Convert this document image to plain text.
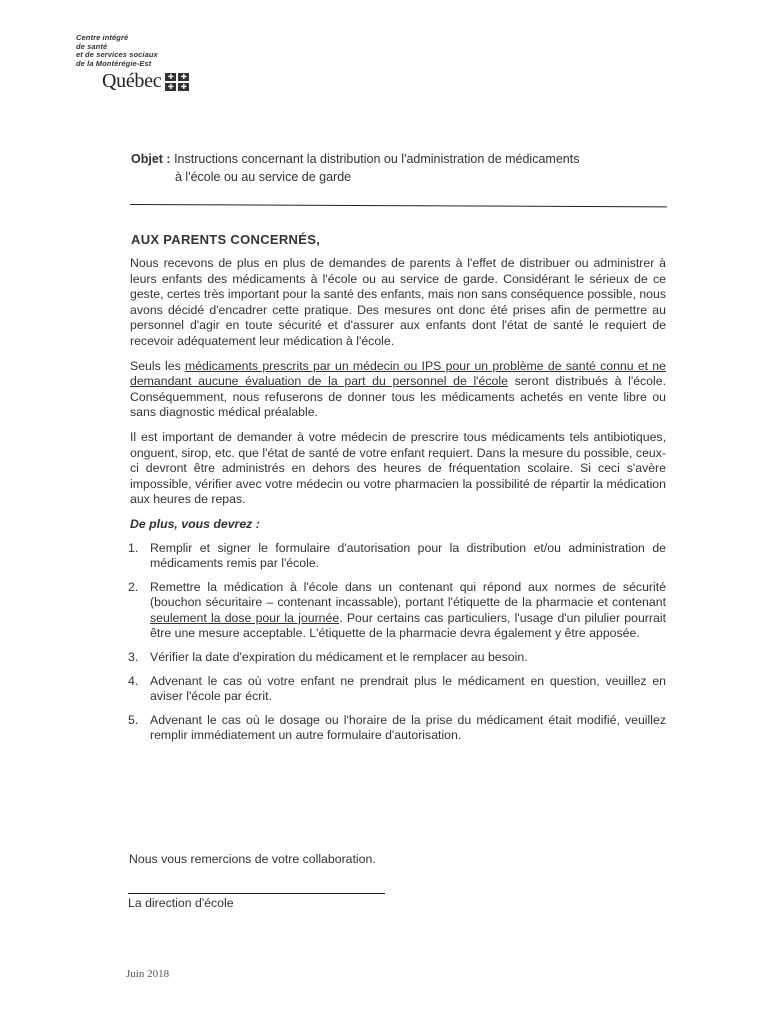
Centre intégré
de santé
et de services sociaux
de la Montérégie-Est
Québec ✚	✚
✚	✚
Objet : Instructions concernant la distribution ou l'administration de médicaments
à l'école ou au service de garde
AUX PARENTS CONCERNÉS,

Nous recevons de plus en plus de demandes de parents à l'effet de distribuer ou administrer à leurs enfants des médicaments à l'école ou au service de garde. Considérant le sérieux de ce geste, certes très important pour la santé des enfants, mais non sans conséquence possible, nous avons décidé d'encadrer cette pratique. Des mesures ont donc été prises afin de permettre au personnel d'agir en toute sécurité et d'assurer aux enfants dont l'état de santé le requiert de recevoir adéquatement leur médication à l'école.

Seuls les médicaments prescrits par un médecin ou IPS pour un problème de santé connu et ne demandant aucune évaluation de la part du personnel de l'école seront distribués à l'école. Conséquemment, nous refuserons de donner tous les médicaments achetés en vente libre ou sans diagnostic médical préalable.

Il est important de demander à votre médecin de prescrire tous médicaments tels antibiotiques, onguent, sirop, etc. que l'état de santé de votre enfant requiert. Dans la mesure du possible, ceux-ci devront être administrés en dehors des heures de fréquentation scolaire. Si ceci s'avère impossible, vérifier avec votre médecin ou votre pharmacien la possibilité de répartir la médication aux heures de repas.

De plus, vous devrez :
1. Remplir et signer le formulaire d'autorisation pour la distribution et/ou administration de médicaments remis par l'école.
2. Remettre la médication à l'école dans un contenant qui répond aux normes de sécurité (bouchon sécuritaire – contenant incassable), portant l'étiquette de la pharmacie et contenant seulement la dose pour la journée. Pour certains cas particuliers, l'usage d'un pilulier pourrait être une mesure acceptable. L'étiquette de la pharmacie devra également y être apposée.
3. Vérifier la date d'expiration du médicament et le remplacer au besoin.
4. Advenant le cas où votre enfant ne prendrait plus le médicament en question, veuillez en aviser l'école par écrit.
5. Advenant le cas où le dosage ou l'horaire de la prise du médicament était modifié, veuillez remplir immédiatement un autre formulaire d'autorisation.
Nous vous remercions de votre collaboration.
La direction d'école
Juin 2018
